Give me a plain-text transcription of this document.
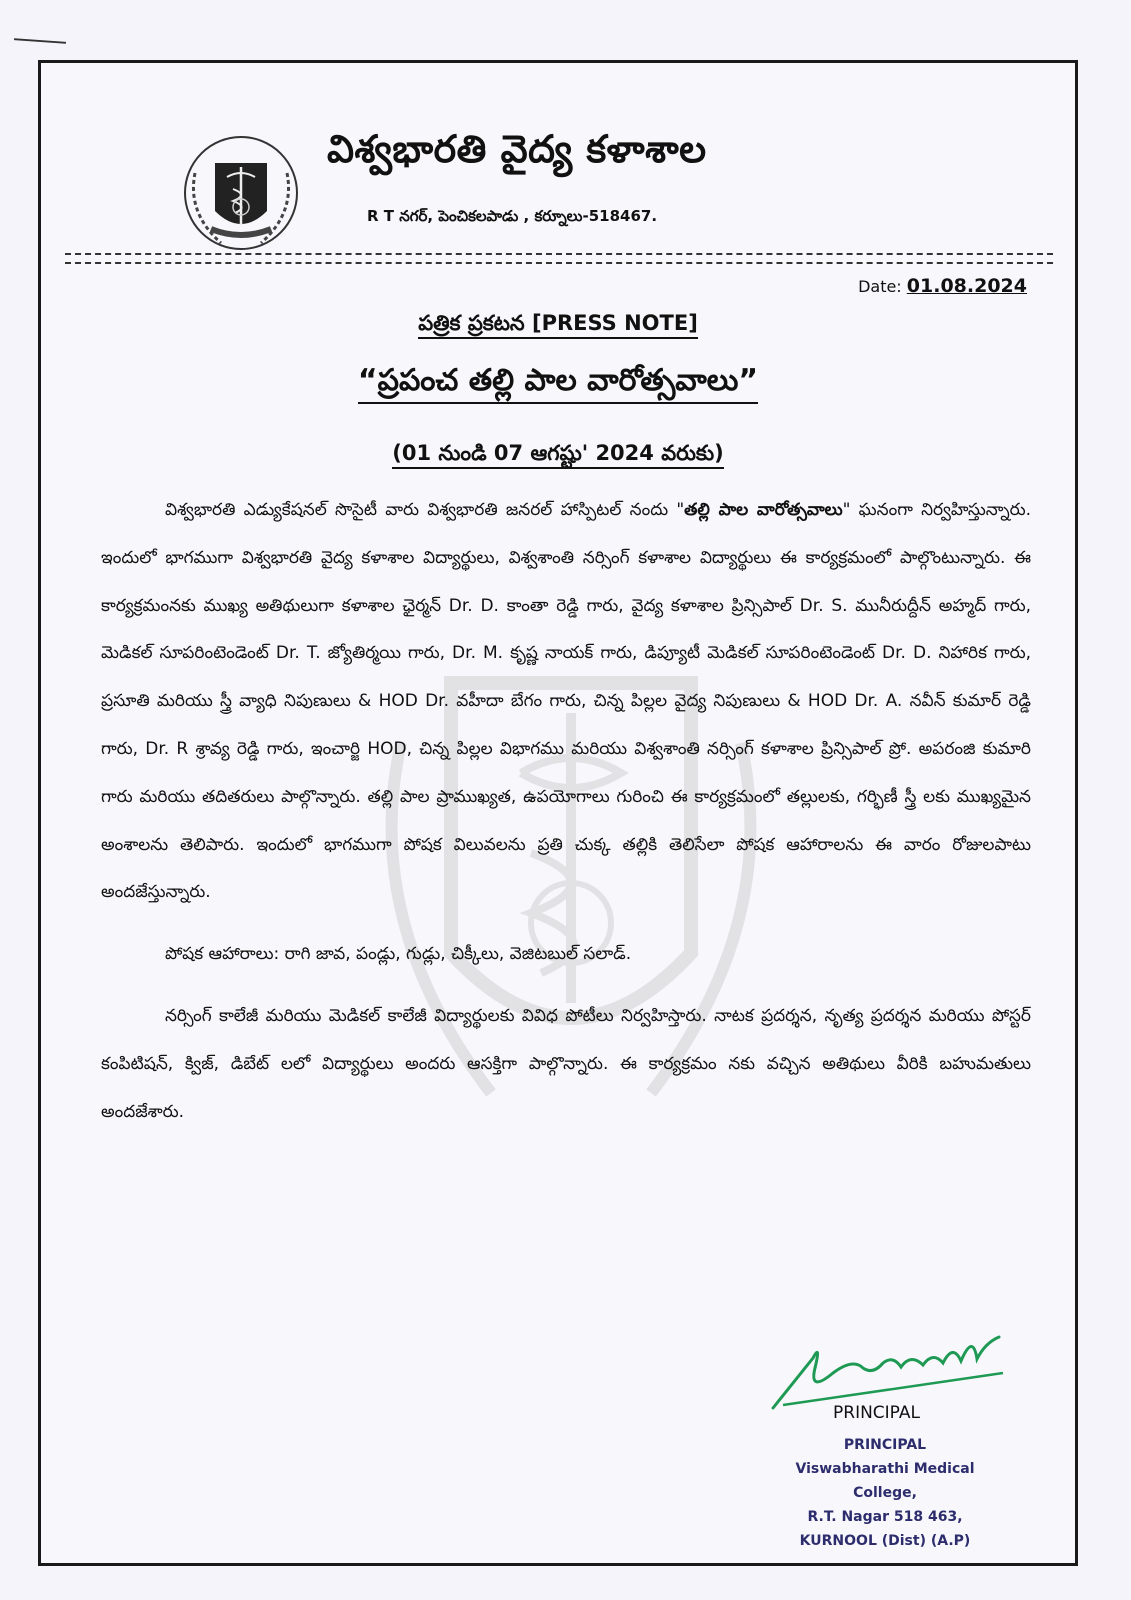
విశ్వభారతి వైద్య కళాశాల
R T నగర్, పెంచికలపాడు , కర్నూలు-518467.
Date: 01.08.2024
పత్రిక ప్రకటన [PRESS NOTE]
“ప్రపంచ తల్లి పాల వారోత్సవాలు”
(01 నుండి 07 ఆగష్టు' 2024 వరుకు)

విశ్వభారతి ఎడ్యుకేషనల్ సొసైటీ వారు విశ్వభారతి జనరల్ హాస్పిటల్ నందు "తల్లి పాల వారోత్సవాలు" ఘనంగా నిర్వహిస్తున్నారు. ఇందులో భాగముగా విశ్వభారతి వైద్య కళాశాల విద్యార్థులు, విశ్వశాంతి నర్సింగ్ కళాశాల విద్యార్థులు ఈ కార్యక్రమంలో పాల్గొంటున్నారు. ఈ కార్యక్రమంనకు ముఖ్య అతిథులుగా కళాశాల ఛైర్మన్ Dr. D. కాంతా రెడ్డి గారు, వైద్య కళాశాల ప్రిన్సిపాల్ Dr. S. మునీరుద్దీన్ అహ్మద్ గారు, మెడికల్ సూపరింటెండెంట్ Dr. T. జ్యోతిర్మయి గారు, Dr. M. కృష్ణ నాయక్ గారు, డిప్యూటీ మెడికల్ సూపరింటెండెంట్ Dr. D. నిహారిక గారు, ప్రసూతి మరియు స్త్రీ వ్యాధి నిపుణులు & HOD Dr. వహీదా బేగం గారు, చిన్న పిల్లల వైద్య నిపుణులు & HOD Dr. A. నవీన్ కుమార్ రెడ్డి గారు, Dr. R శ్రావ్య రెడ్డి గారు, ఇంచార్జి HOD, చిన్న పిల్లల విభాగము మరియు విశ్వశాంతి నర్సింగ్ కళాశాల ప్రిన్సిపాల్ ప్రో. అపరంజి కుమారి గారు మరియు తదితరులు పాల్గొన్నారు. తల్లి పాల ప్రాముఖ్యత, ఉపయోగాలు గురించి ఈ కార్యక్రమంలో తల్లులకు, గర్భిణీ స్త్రీ లకు ముఖ్యమైన అంశాలను తెలిపారు. ఇందులో భాగముగా పోషక విలువలను ప్రతి చుక్క తల్లికి తెలిసేలా పోషక ఆహారాలను ఈ వారం రోజులపాటు అందజేస్తున్నారు.

పోషక ఆహారాలు: రాగి జావ, పండ్లు, గుడ్లు, చిక్కీలు, వెజిటబుల్ సలాడ్.

నర్సింగ్ కాలేజీ మరియు మెడికల్ కాలేజీ విద్యార్థులకు వివిధ పోటీలు నిర్వహిస్తారు. నాటక ప్రదర్శన, నృత్య ప్రదర్శన మరియు పోస్టర్ కంపిటిషన్, క్విజ్, డిబేట్ లలో విద్యార్థులు అందరు ఆసక్తిగా పాల్గొన్నారు. ఈ కార్యక్రమం నకు వచ్చిన అతిథులు వీరికి బహుమతులు అందజేశారు.

PRINCIPAL
PRINCIPAL
Viswabharathi Medical College,
R.T. Nagar 518 463,
KURNOOL (Dist) (A.P)
